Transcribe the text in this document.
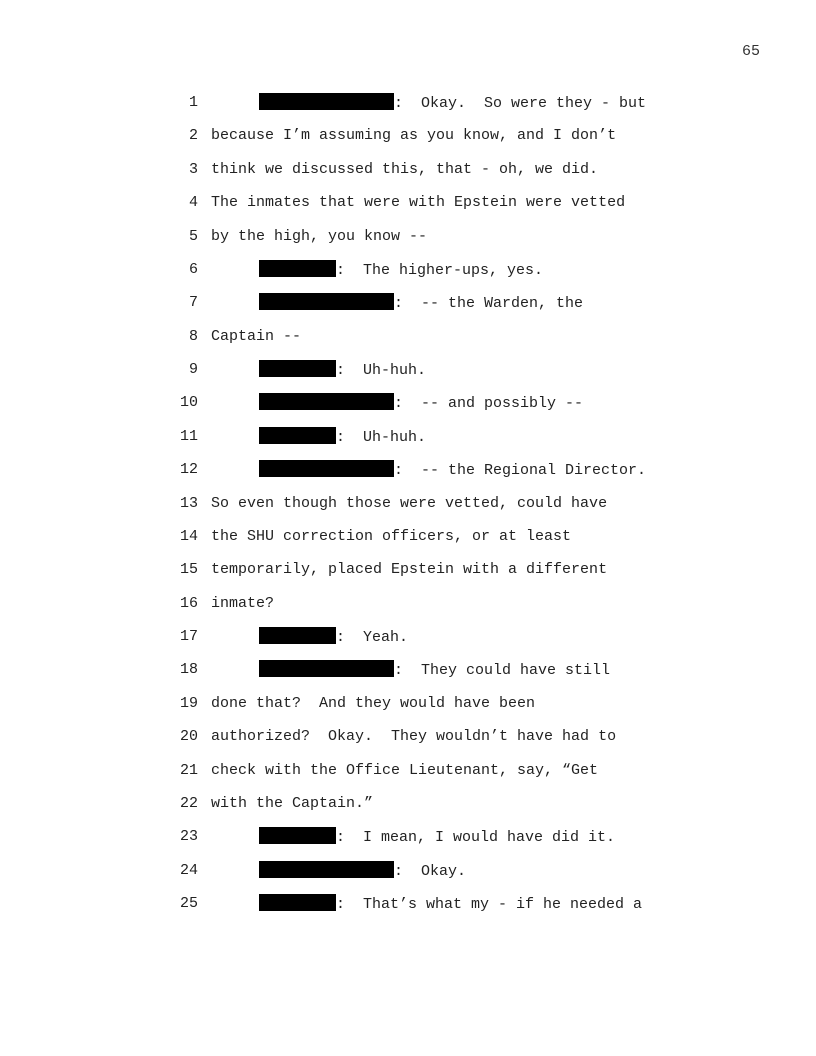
65
1	:  Okay.  So were they - but
2 because I’m assuming as you know, and I don’t
3 think we discussed this, that - oh, we did.
4 The inmates that were with Epstein were vetted
5 by the high, you know --
6	:  The higher-ups, yes.
7	:  -- the Warden, the
8 Captain --
9	:  Uh-huh.
10	:  -- and possibly --
11	:  Uh-huh.
12	:  -- the Regional Director.
13 So even though those were vetted, could have
14 the SHU correction officers, or at least
15 temporarily, placed Epstein with a different
16 inmate?
17	:  Yeah.
18	:  They could have still
19 done that?  And they would have been
20 authorized?  Okay.  They wouldn’t have had to
21 check with the Office Lieutenant, say, “Get
22 with the Captain.”
23	:  I mean, I would have did it.
24	:  Okay.
25	:  That’s what my - if he needed a
